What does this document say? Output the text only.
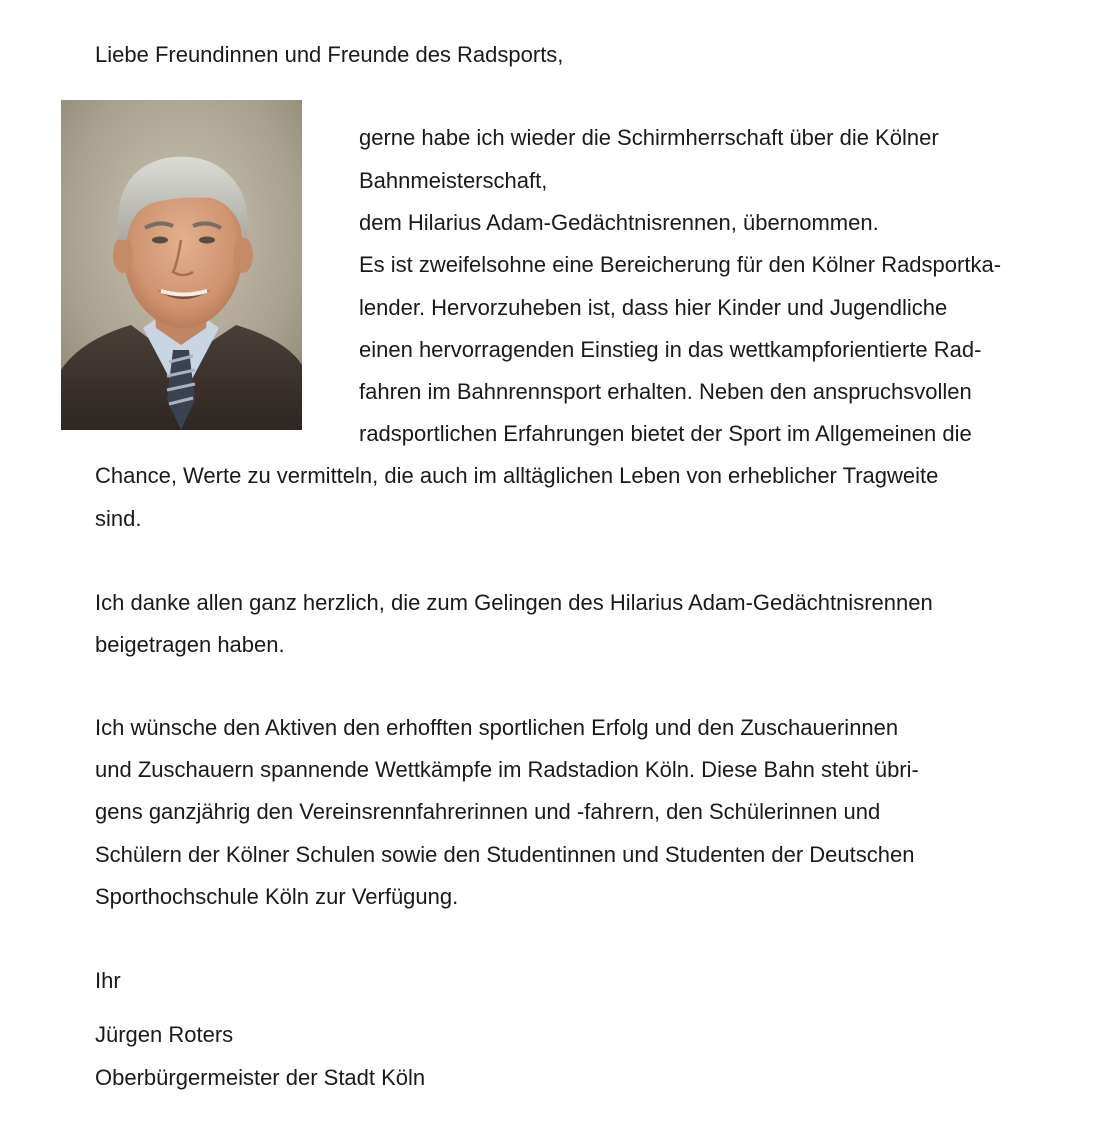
Liebe Freundinnen und Freunde des Radsports,

gerne habe ich wieder die Schirmherrschaft über die Kölner

Bahnmeisterschaft,

dem Hilarius Adam-Gedächtnisrennen, übernommen.

Es ist zweifelsohne eine Bereicherung für den Kölner Radsportka-

lender. Hervorzuheben ist, dass hier Kinder und Jugendliche

einen hervorragenden Einstieg in das wettkampforientierte Rad-

fahren im Bahnrennsport erhalten. Neben den anspruchsvollen

radsportlichen Erfahrungen bietet der Sport im Allgemeinen die

Chance, Werte zu vermitteln, die auch im alltäglichen Leben von erheblicher Tragweite

sind.

Ich danke allen ganz herzlich, die zum Gelingen des Hilarius Adam-Gedächtnisrennen

beigetragen haben.

Ich wünsche den Aktiven den erhofften sportlichen Erfolg und den Zuschauerinnen

und Zuschauern spannende Wettkämpfe im Radstadion Köln. Diese Bahn steht übri-

gens ganzjährig den Vereinsrennfahrerinnen und -fahrern, den Schülerinnen und

Schülern der Kölner Schulen sowie den Studentinnen und Studenten der Deutschen

Sporthochschule Köln zur Verfügung.

Ihr

Jürgen Roters

Oberbürgermeister der Stadt Köln
